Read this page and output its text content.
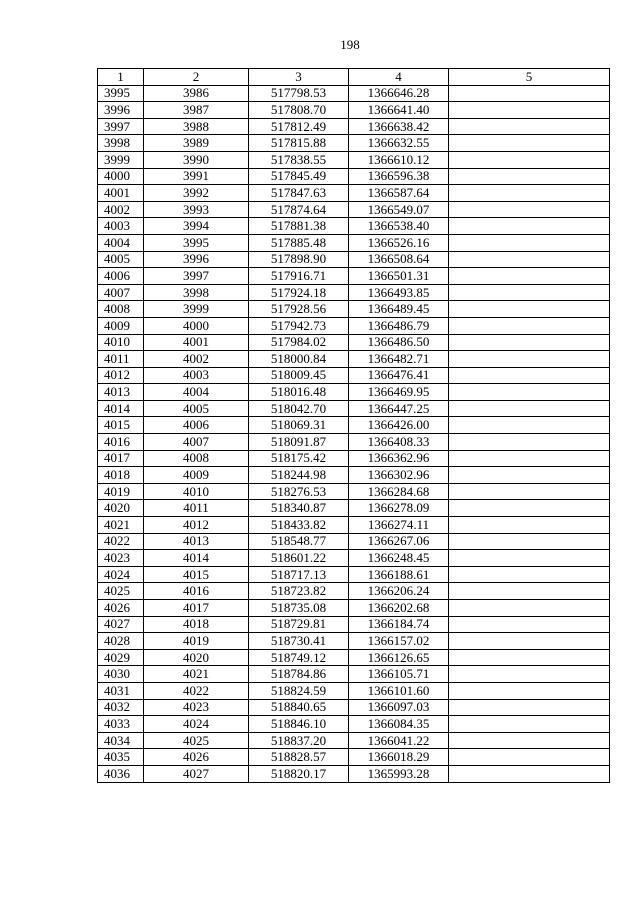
198
1	2	3	4	5
3995	3986	517798.53	1366646.28	
3996	3987	517808.70	1366641.40	
3997	3988	517812.49	1366638.42	
3998	3989	517815.88	1366632.55	
3999	3990	517838.55	1366610.12	
4000	3991	517845.49	1366596.38	
4001	3992	517847.63	1366587.64	
4002	3993	517874.64	1366549.07	
4003	3994	517881.38	1366538.40	
4004	3995	517885.48	1366526.16	
4005	3996	517898.90	1366508.64	
4006	3997	517916.71	1366501.31	
4007	3998	517924.18	1366493.85	
4008	3999	517928.56	1366489.45	
4009	4000	517942.73	1366486.79	
4010	4001	517984.02	1366486.50	
4011	4002	518000.84	1366482.71	
4012	4003	518009.45	1366476.41	
4013	4004	518016.48	1366469.95	
4014	4005	518042.70	1366447.25	
4015	4006	518069.31	1366426.00	
4016	4007	518091.87	1366408.33	
4017	4008	518175.42	1366362.96	
4018	4009	518244.98	1366302.96	
4019	4010	518276.53	1366284.68	
4020	4011	518340.87	1366278.09	
4021	4012	518433.82	1366274.11	
4022	4013	518548.77	1366267.06	
4023	4014	518601.22	1366248.45	
4024	4015	518717.13	1366188.61	
4025	4016	518723.82	1366206.24	
4026	4017	518735.08	1366202.68	
4027	4018	518729.81	1366184.74	
4028	4019	518730.41	1366157.02	
4029	4020	518749.12	1366126.65	
4030	4021	518784.86	1366105.71	
4031	4022	518824.59	1366101.60	
4032	4023	518840.65	1366097.03	
4033	4024	518846.10	1366084.35	
4034	4025	518837.20	1366041.22	
4035	4026	518828.57	1366018.29	
4036	4027	518820.17	1365993.28	
